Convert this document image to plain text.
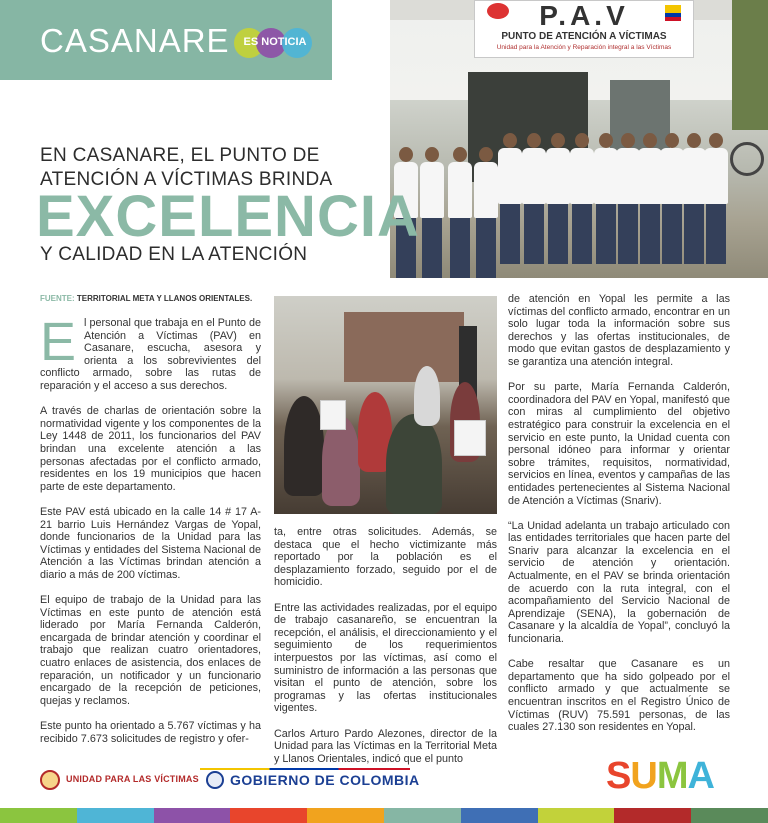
CASANARE	ES NOTICIA
P.A.V
PUNTO DE ATENCIÓN A VÍCTIMAS
Unidad para la Atención y Reparación integral a las Víctimas
EN CASANARE, EL PUNTO DE ATENCIÓN A VÍCTIMAS BRINDA
EXCELENCIA
Y CALIDAD EN LA ATENCIÓN
FUENTE: TERRITORIAL META Y LLANOS ORIENTALES.

El personal que trabaja en el Punto de Atención a Víctimas (PAV) en Casanare, escucha, asesora y orienta a los sobrevivientes del conflicto armado, sobre las rutas de reparación y el acceso a sus derechos.

A través de charlas de orientación sobre la normatividad vigente y los componentes de la Ley 1448 de 2011, los funcionarios del PAV brindan una excelente atención a las personas afectadas por el conflicto armado, residentes en los 19 municipios que hacen parte de este departamento.

Este PAV está ubicado en la calle 14 # 17 A-21 barrio Luis Hernández Vargas de Yopal, donde funcionarios de la Unidad para las Víctimas y entidades del Sistema Nacional de Atención a las Víctimas brindan atención a diario a más de 200 víctimas.

El equipo de trabajo de la Unidad para las Víctimas en este punto de atención está liderado por María Fernanda Calderón, encargada de brindar atención y coordinar el trabajo que realizan cuatro orientadores, cuatro enlaces de asistencia, dos enlaces de reparación, un notificador y un funcionario encargado de la recepción de peticiones, quejas y reclamos.

Este punto ha orientado a 5.767 víctimas y ha recibido 7.673 solicitudes de registro y ofer-

ta, entre otras solicitudes. Además, se destaca que el hecho victimizante más reportado por la población es el desplazamiento forzado, seguido por el de homicidio.

Entre las actividades realizadas, por el equipo de trabajo casanareño, se encuentran la recepción, el análisis, el direccionamiento y el seguimiento de los requerimientos interpuestos por las víctimas, así como el suministro de información a las personas que visitan el punto de atención, sobre los programas y las ofertas institucionales vigentes.

Carlos Arturo Pardo Alezones, director de la Unidad para las Víctimas en la Territorial Meta y Llanos Orientales, indicó que el punto

de atención en Yopal les permite a las víctimas del conflicto armado, encontrar en un solo lugar toda la información sobre sus derechos y las ofertas institucionales, de modo que evitan gastos de desplazamiento y se garantiza una atención integral.

Por su parte, María Fernanda Calderón, coordinadora del PAV en Yopal, manifestó que con miras al cumplimiento del objetivo estratégico para construir la excelencia en el servicio en este punto, la Unidad cuenta con personal idóneo para informar y orientar sobre trámites, requisitos, normatividad, servicios en línea, eventos y campañas de las entidades pertenecientes al Sistema Nacional de Atención a Víctimas (Snariv).

“La Unidad adelanta un trabajo articulado con las entidades territoriales que hacen parte del Snariv para alcanzar la excelencia en el servicio de atención y orientación. Actualmente, en el PAV se brinda orientación de acuerdo con la ruta integral, con el acompañamiento del Servicio Nacional de Aprendizaje (SENA), la gobernación de Casanare y la alcaldía de Yopal”, concluyó la funcionaria.

Cabe resaltar que Casanare es un departamento que ha sido golpeado por el conflicto armado y que actualmente se encuentran inscritos en el Registro Único de Víctimas (RUV) 75.591 personas, de las cuales 27.130 son residentes en Yopal.

UNIDAD PARA LAS VÍCTIMAS GOBIERNO DE COLOMBIA	SUMA
